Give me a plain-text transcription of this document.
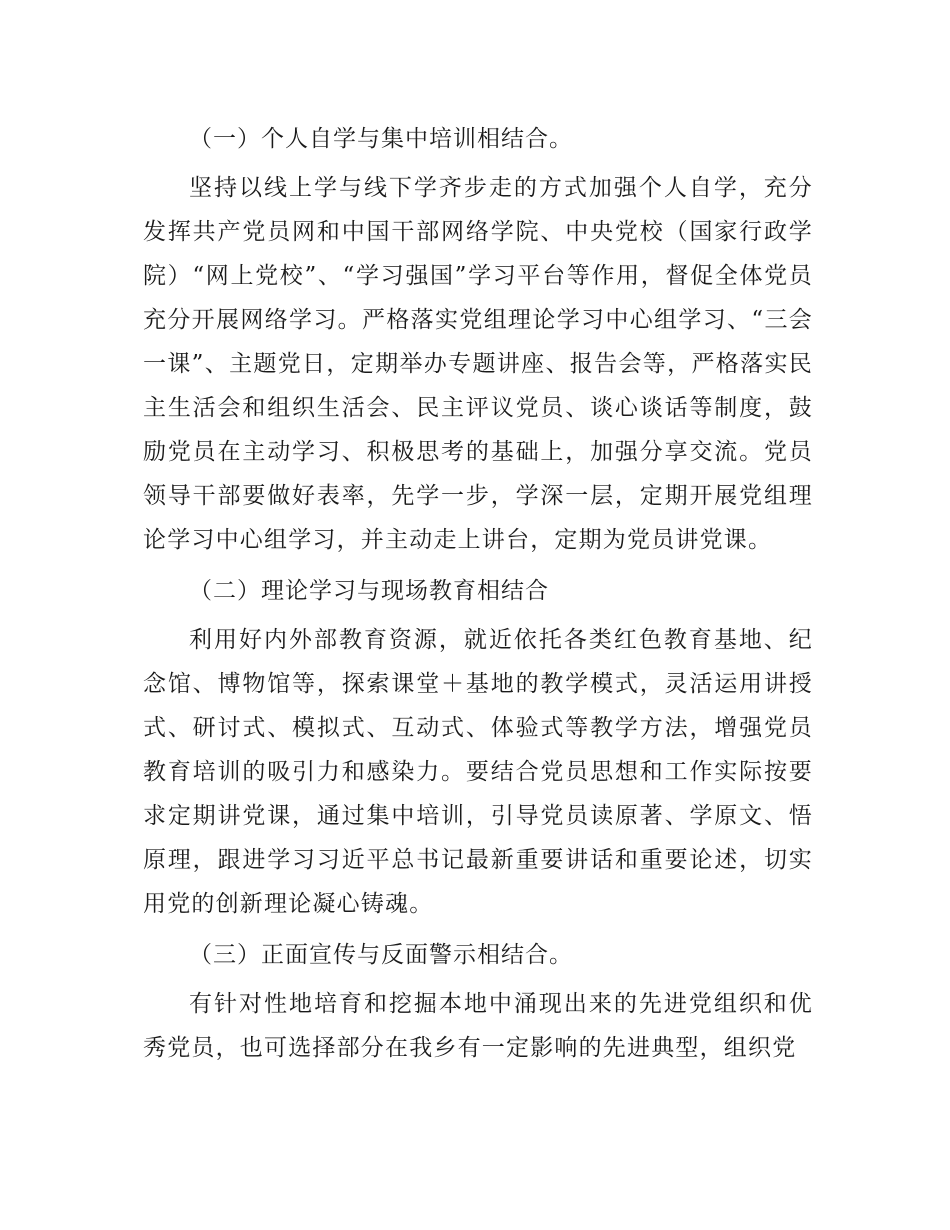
（一）个人自学与集中培训相结合。

坚持以线上学与线下学齐步走的方式加强个人自学，充分发挥共产党员网和中国干部网络学院、中央党校（国家行政学院）“网上党校”、“学习强国”学习平台等作用，督促全体党员充分开展网络学习。严格落实党组理论学习中心组学习、“三会一课”、主题党日，定期举办专题讲座、报告会等，严格落实民主生活会和组织生活会、民主评议党员、谈心谈话等制度，鼓励党员在主动学习、积极思考的基础上，加强分享交流。党员领导干部要做好表率，先学一步，学深一层，定期开展党组理论学习中心组学习，并主动走上讲台，定期为党员讲党课。

（二）理论学习与现场教育相结合

利用好内外部教育资源，就近依托各类红色教育基地、纪念馆、博物馆等，探索课堂＋基地的教学模式，灵活运用讲授式、研讨式、模拟式、互动式、体验式等教学方法，增强党员教育培训的吸引力和感染力。要结合党员思想和工作实际按要求定期讲党课，通过集中培训，引导党员读原著、学原文、悟原理，跟进学习习近平总书记最新重要讲话和重要论述，切实用党的创新理论凝心铸魂。

（三）正面宣传与反面警示相结合。

有针对性地培育和挖掘本地中涌现出来的先进党组织和优秀党员，也可选择部分在我乡有一定影响的先进典型，组织党
